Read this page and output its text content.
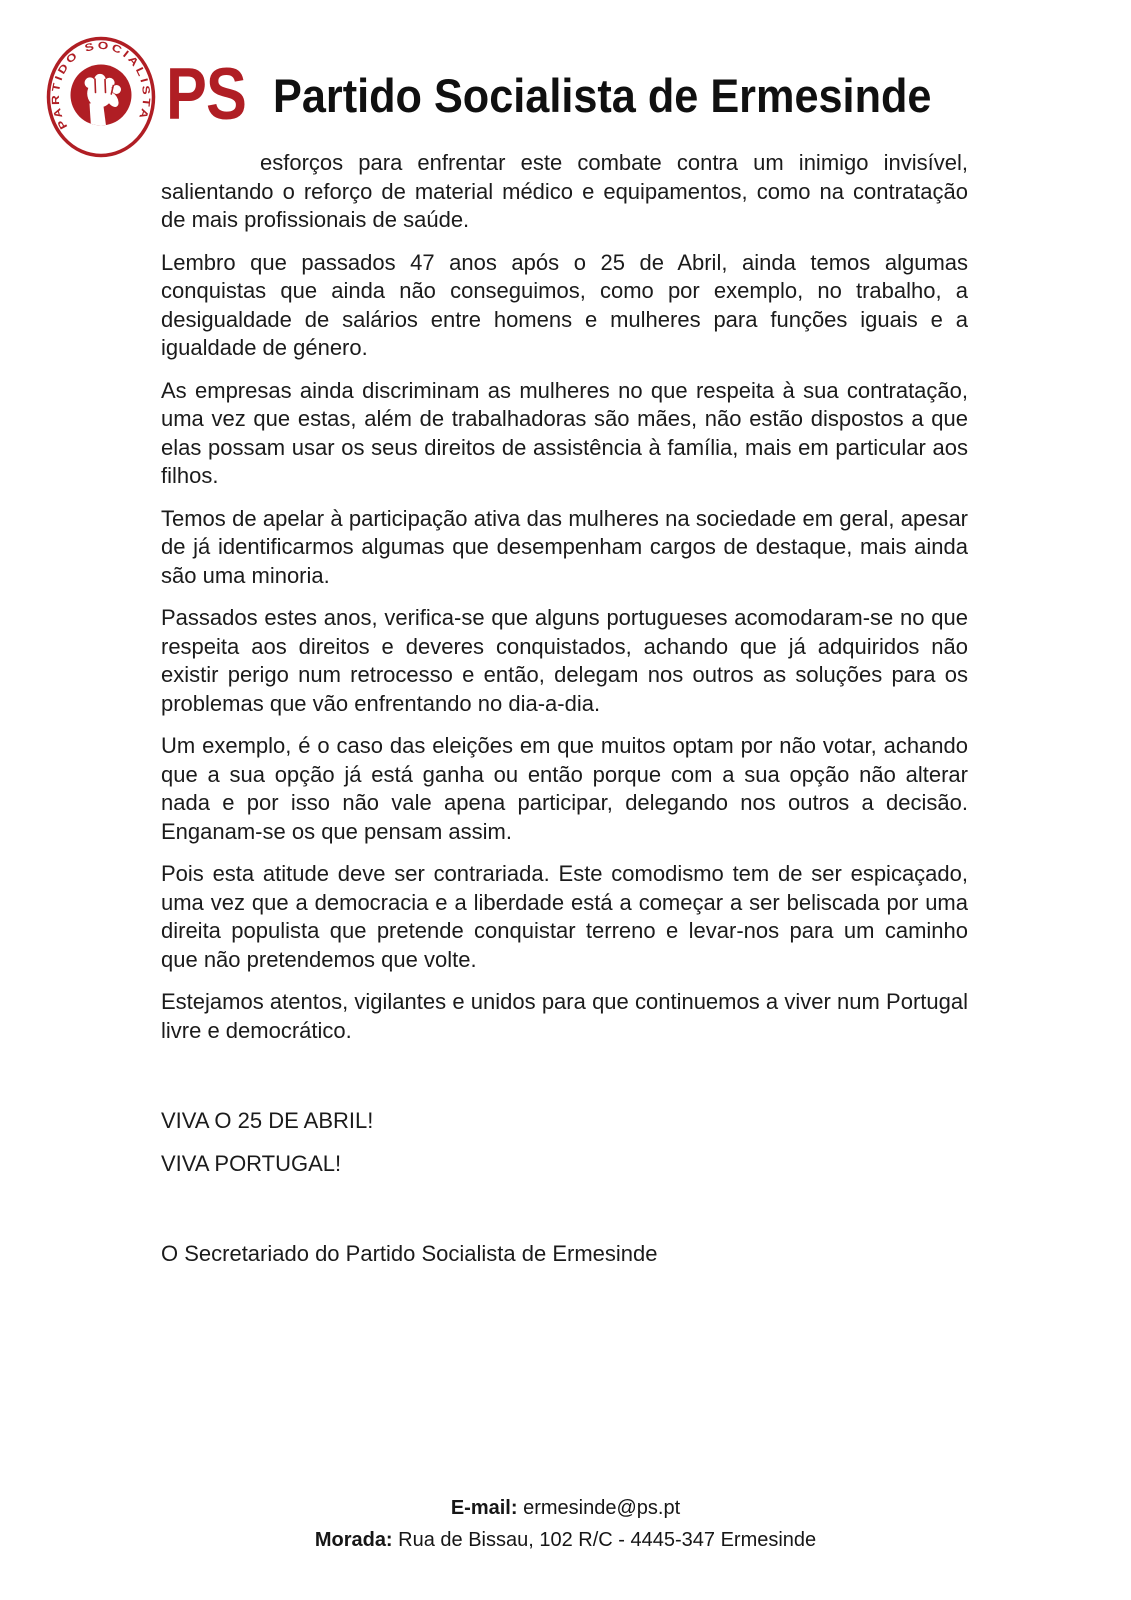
PARTIDO SOCIALISTA PS Partido Socialista de Ermesinde

esforços para enfrentar este combate contra um inimigo invisível, salientando o reforço de material médico e equipamentos, como na contratação de mais profissionais de saúde.

Lembro que passados 47 anos após o 25 de Abril, ainda temos algumas conquistas que ainda não conseguimos, como por exemplo, no trabalho, a desigualdade de salários entre homens e mulheres para funções iguais e a igualdade de género.

As empresas ainda discriminam as mulheres no que respeita à sua contratação, uma vez que estas, além de trabalhadoras são mães, não estão dispostos a que elas possam usar os seus direitos de assistência à família, mais em particular aos filhos.

Temos de apelar à participação ativa das mulheres na sociedade em geral, apesar de já identificarmos algumas que desempenham cargos de destaque, mais ainda são uma minoria.

Passados estes anos, verifica-se que alguns portugueses acomodaram-se no que respeita aos direitos e deveres conquistados, achando que já adquiridos não existir perigo num retrocesso e então, delegam nos outros as soluções para os problemas que vão enfrentando no dia-a-dia.

Um exemplo, é o caso das eleições em que muitos optam por não votar, achando que a sua opção já está ganha ou então porque com a sua opção não alterar nada e por isso não vale apena participar, delegando nos outros a decisão. Enganam-se os que pensam assim.

Pois esta atitude deve ser contrariada. Este comodismo tem de ser espicaçado, uma vez que a democracia e a liberdade está a começar a ser beliscada por uma direita populista que pretende conquistar terreno e levar-nos para um caminho que não pretendemos que volte.

Estejamos atentos, vigilantes e unidos para que continuemos a viver num Portugal livre e democrático.

VIVA O 25 DE ABRIL!

VIVA PORTUGAL!

O Secretariado do Partido Socialista de Ermesinde

E-mail: ermesinde@ps.pt
Morada: Rua de Bissau, 102 R/C - 4445-347 Ermesinde
